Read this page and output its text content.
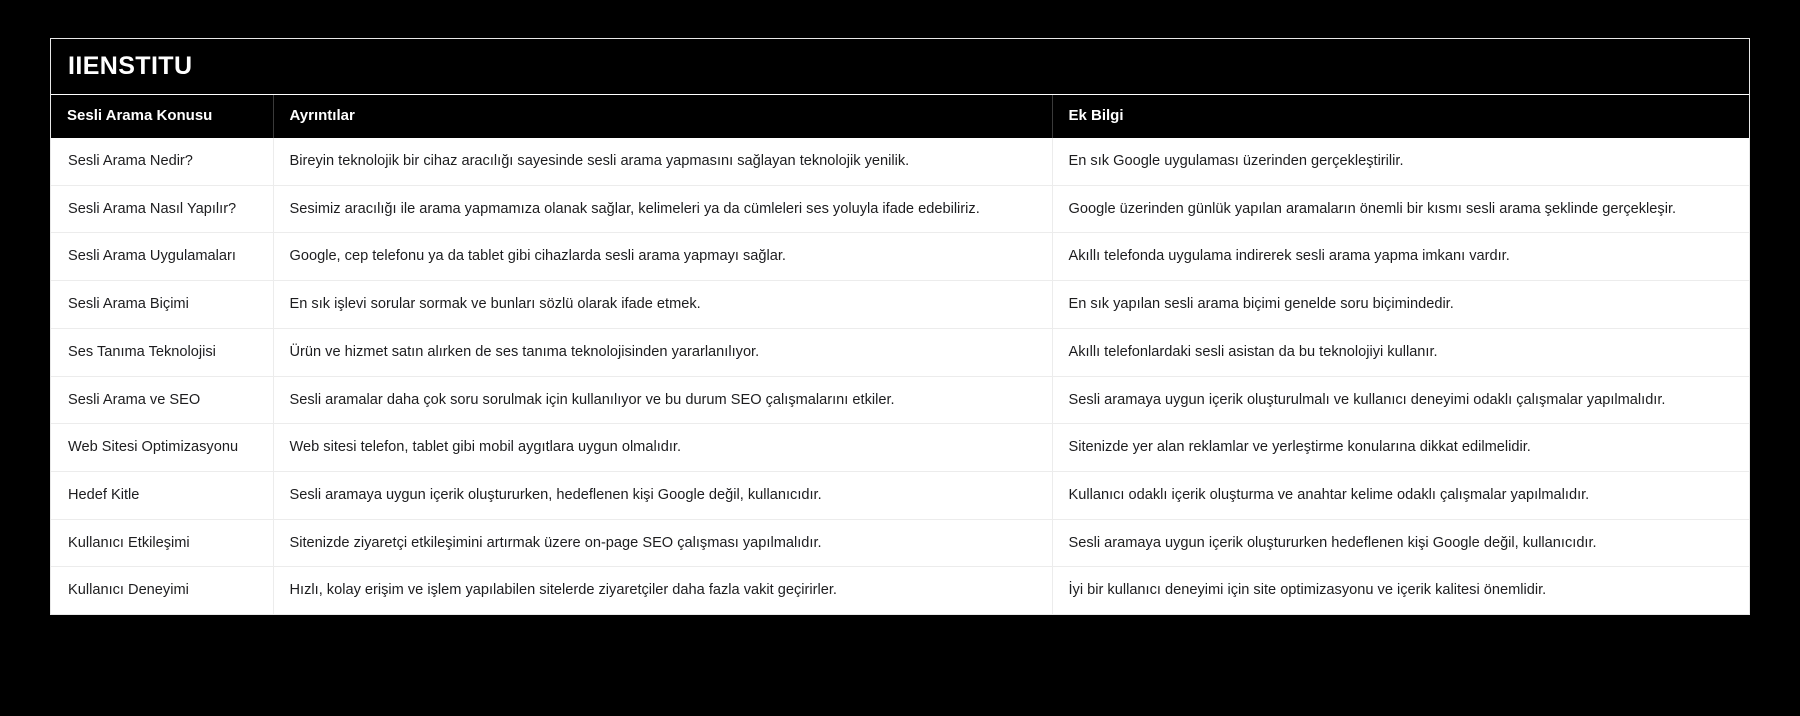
IIENSTITU
Sesli Arama Konusu	Ayrıntılar	Ek Bilgi
Sesli Arama Nedir?	Bireyin teknolojik bir cihaz aracılığı sayesinde sesli arama yapmasını sağlayan teknolojik yenilik.	En sık Google uygulaması üzerinden gerçekleştirilir.
Sesli Arama Nasıl Yapılır?	Sesimiz aracılığı ile arama yapmamıza olanak sağlar, kelimeleri ya da cümleleri ses yoluyla ifade edebiliriz.	Google üzerinden günlük yapılan aramaların önemli bir kısmı sesli arama şeklinde gerçekleşir.
Sesli Arama Uygulamaları	Google, cep telefonu ya da tablet gibi cihazlarda sesli arama yapmayı sağlar.	Akıllı telefonda uygulama indirerek sesli arama yapma imkanı vardır.
Sesli Arama Biçimi	En sık işlevi sorular sormak ve bunları sözlü olarak ifade etmek.	En sık yapılan sesli arama biçimi genelde soru biçimindedir.
Ses Tanıma Teknolojisi	Ürün ve hizmet satın alırken de ses tanıma teknolojisinden yararlanılıyor.	Akıllı telefonlardaki sesli asistan da bu teknolojiyi kullanır.
Sesli Arama ve SEO	Sesli aramalar daha çok soru sorulmak için kullanılıyor ve bu durum SEO çalışmalarını etkiler.	Sesli aramaya uygun içerik oluşturulmalı ve kullanıcı deneyimi odaklı çalışmalar yapılmalıdır.
Web Sitesi Optimizasyonu	Web sitesi telefon, tablet gibi mobil aygıtlara uygun olmalıdır.	Sitenizde yer alan reklamlar ve yerleştirme konularına dikkat edilmelidir.
Hedef Kitle	Sesli aramaya uygun içerik oluştururken, hedeflenen kişi Google değil, kullanıcıdır.	Kullanıcı odaklı içerik oluşturma ve anahtar kelime odaklı çalışmalar yapılmalıdır.
Kullanıcı Etkileşimi	Sitenizde ziyaretçi etkileşimini artırmak üzere on-page SEO çalışması yapılmalıdır.	Sesli aramaya uygun içerik oluştururken hedeflenen kişi Google değil, kullanıcıdır.
Kullanıcı Deneyimi	Hızlı, kolay erişim ve işlem yapılabilen sitelerde ziyaretçiler daha fazla vakit geçirirler.	İyi bir kullanıcı deneyimi için site optimizasyonu ve içerik kalitesi önemlidir.
